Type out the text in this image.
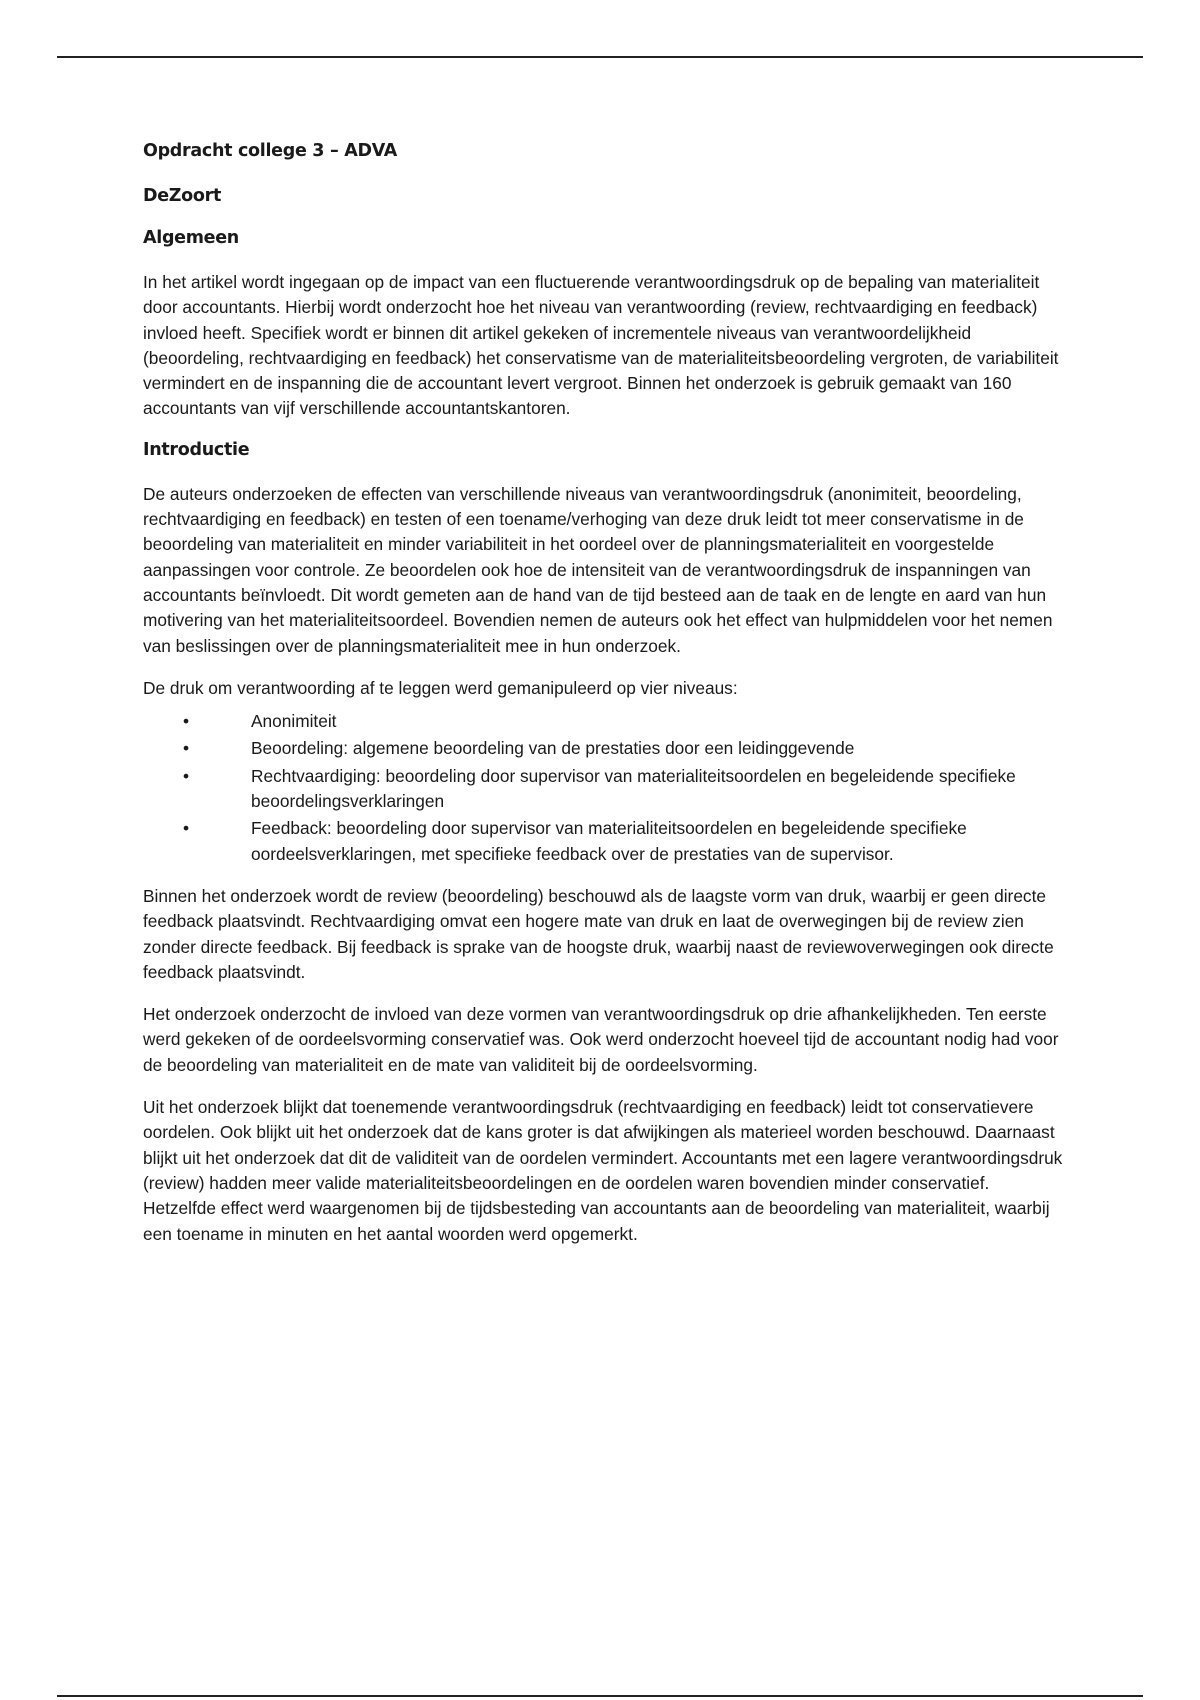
Opdracht college 3 – ADVA
DeZoort
Algemeen

In het artikel wordt ingegaan op de impact van een fluctuerende verantwoordingsdruk op de bepaling van materialiteit door accountants. Hierbij wordt onderzocht hoe het niveau van verantwoording (review, rechtvaardiging en feedback) invloed heeft. Specifiek wordt er binnen dit artikel gekeken of incrementele niveaus van verantwoordelijkheid (beoordeling, rechtvaardiging en feedback) het conservatisme van de materialiteitsbeoordeling vergroten, de variabiliteit vermindert en de inspanning die de accountant levert vergroot. Binnen het onderzoek is gebruik gemaakt van 160 accountants van vijf verschillende accountantskantoren.

Introductie

De auteurs onderzoeken de effecten van verschillende niveaus van verantwoordingsdruk (anonimiteit, beoordeling, rechtvaardiging en feedback) en testen of een toename/verhoging van deze druk leidt tot meer conservatisme in de beoordeling van materialiteit en minder variabiliteit in het oordeel over de planningsmaterialiteit en voorgestelde aanpassingen voor controle. Ze beoordelen ook hoe de intensiteit van de verantwoordingsdruk de inspanningen van accountants beïnvloedt. Dit wordt gemeten aan de hand van de tijd besteed aan de taak en de lengte en aard van hun motivering van het materialiteitsoordeel. Bovendien nemen de auteurs ook het effect van hulpmiddelen voor het nemen van beslissingen over de planningsmaterialiteit mee in hun onderzoek.

De druk om verantwoording af te leggen werd gemanipuleerd op vier niveaus:

•	Anonimiteit
•	Beoordeling: algemene beoordeling van de prestaties door een leidinggevende
•	Rechtvaardiging: beoordeling door supervisor van materialiteitsoordelen en begeleidende specifieke beoordelingsverklaringen
•	Feedback: beoordeling door supervisor van materialiteitsoordelen en begeleidende specifieke oordeelsverklaringen, met specifieke feedback over de prestaties van de supervisor.

Binnen het onderzoek wordt de review (beoordeling) beschouwd als de laagste vorm van druk, waarbij er geen directe feedback plaatsvindt. Rechtvaardiging omvat een hogere mate van druk en laat de overwegingen bij de review zien zonder directe feedback. Bij feedback is sprake van de hoogste druk, waarbij naast de reviewoverwegingen ook directe feedback plaatsvindt.

Het onderzoek onderzocht de invloed van deze vormen van verantwoordingsdruk op drie afhankelijkheden. Ten eerste werd gekeken of de oordeelsvorming conservatief was. Ook werd onderzocht hoeveel tijd de accountant nodig had voor de beoordeling van materialiteit en de mate van validiteit bij de oordeelsvorming.

Uit het onderzoek blijkt dat toenemende verantwoordingsdruk (rechtvaardiging en feedback) leidt tot conservatievere oordelen. Ook blijkt uit het onderzoek dat de kans groter is dat afwijkingen als materieel worden beschouwd. Daarnaast blijkt uit het onderzoek dat dit de validiteit van de oordelen vermindert. Accountants met een lagere verantwoordingsdruk (review) hadden meer valide materialiteitsbeoordelingen en de oordelen waren bovendien minder conservatief. Hetzelfde effect werd waargenomen bij de tijdsbesteding van accountants aan de beoordeling van materialiteit, waarbij een toename in minuten en het aantal woorden werd opgemerkt.
